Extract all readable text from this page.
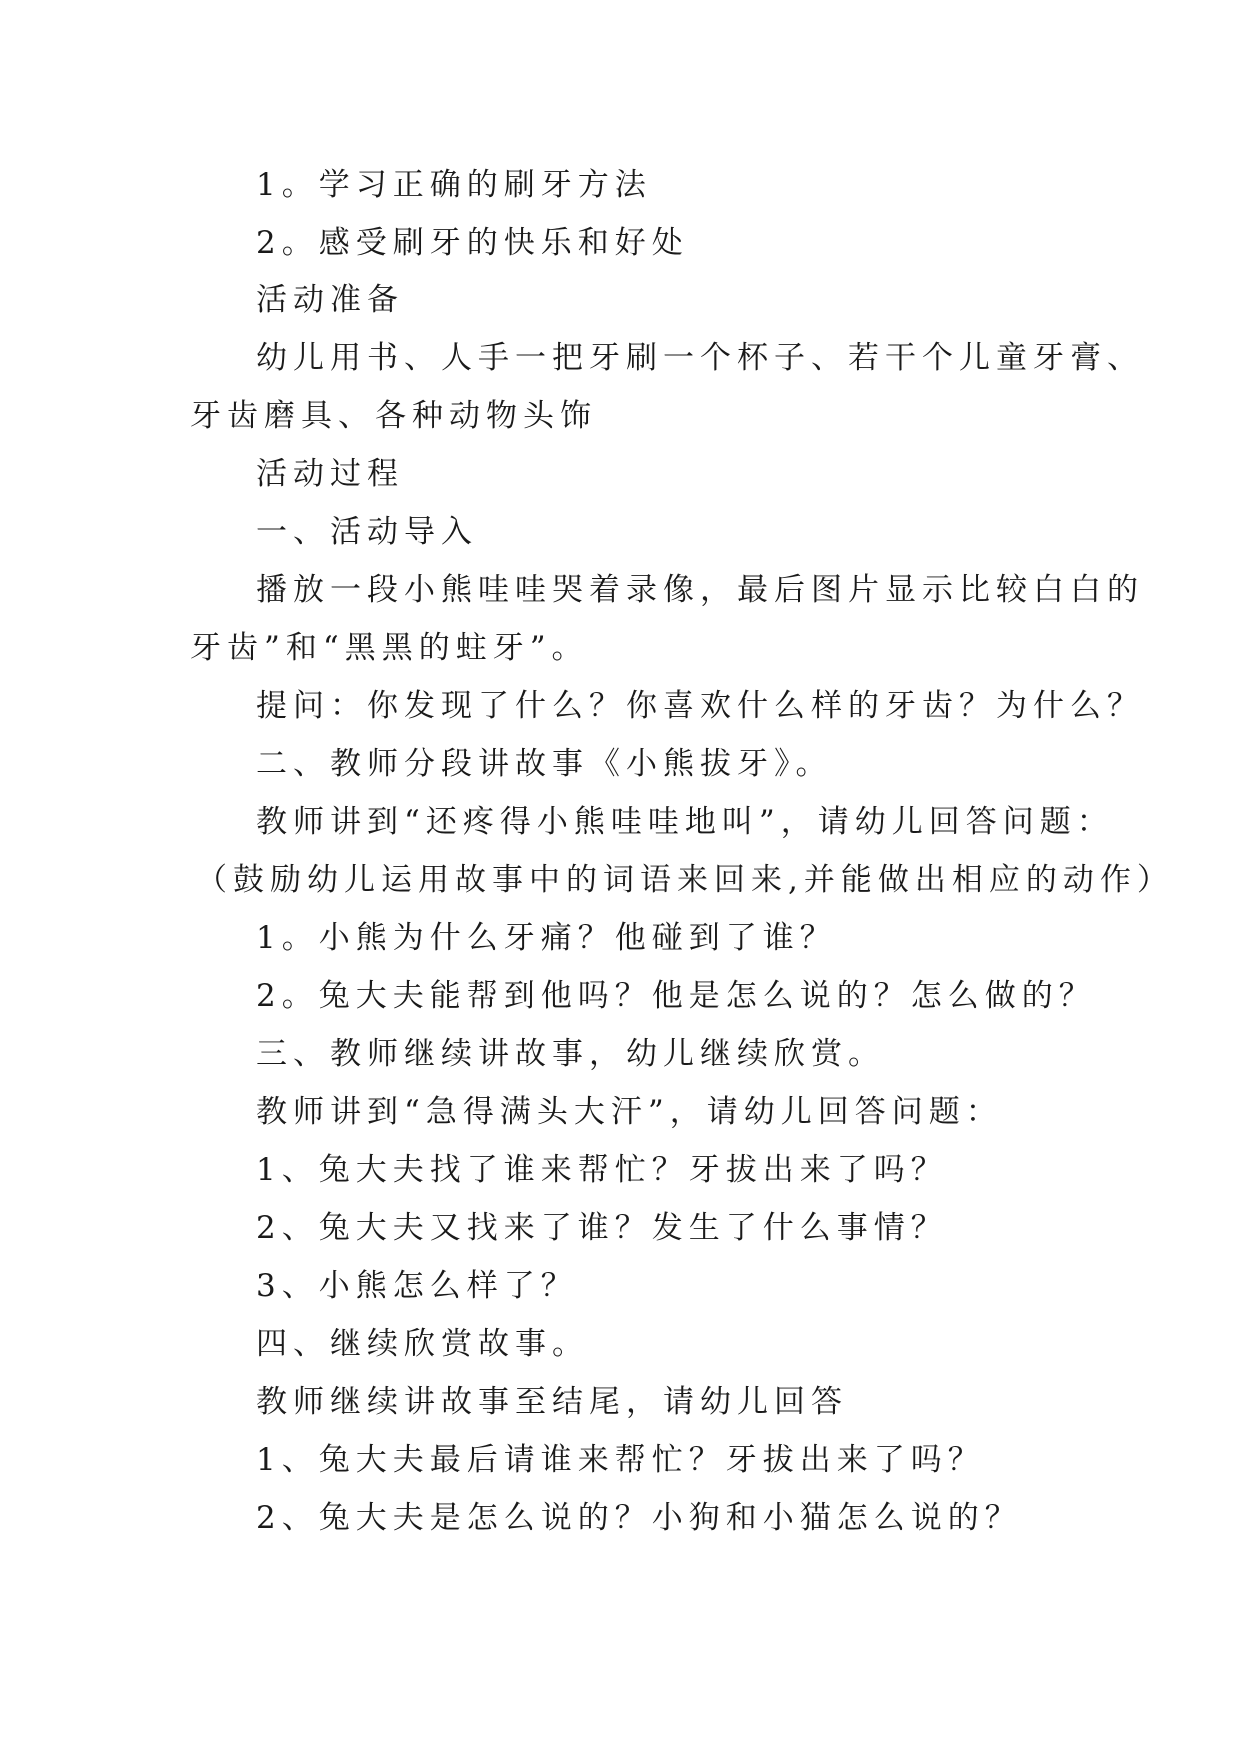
1。学习正确的刷牙方法
2。感受刷牙的快乐和好处
活动准备
幼儿用书、人手一把牙刷一个杯子、若干个儿童牙膏、
牙齿磨具、各种动物头饰
活动过程
一、活动导入
播放一段小熊哇哇哭着录像，最后图片显示比较白白的
牙齿”和“黑黑的蛀牙”。
提问：你发现了什么？你喜欢什么样的牙齿？为什么？
二、教师分段讲故事《小熊拔牙》。
教师讲到“还疼得小熊哇哇地叫”，请幼儿回答问题：
（鼓励幼儿运用故事中的词语来回来,并能做出相应的动作）
1。小熊为什么牙痛？他碰到了谁？
2。兔大夫能帮到他吗？他是怎么说的？怎么做的？
三、教师继续讲故事，幼儿继续欣赏。
教师讲到“急得满头大汗”，请幼儿回答问题：
1、兔大夫找了谁来帮忙？牙拔出来了吗？
2、兔大夫又找来了谁？发生了什么事情？
3、小熊怎么样了？
四、继续欣赏故事。
教师继续讲故事至结尾，请幼儿回答
1、兔大夫最后请谁来帮忙？牙拔出来了吗？
2、兔大夫是怎么说的？小狗和小猫怎么说的？
